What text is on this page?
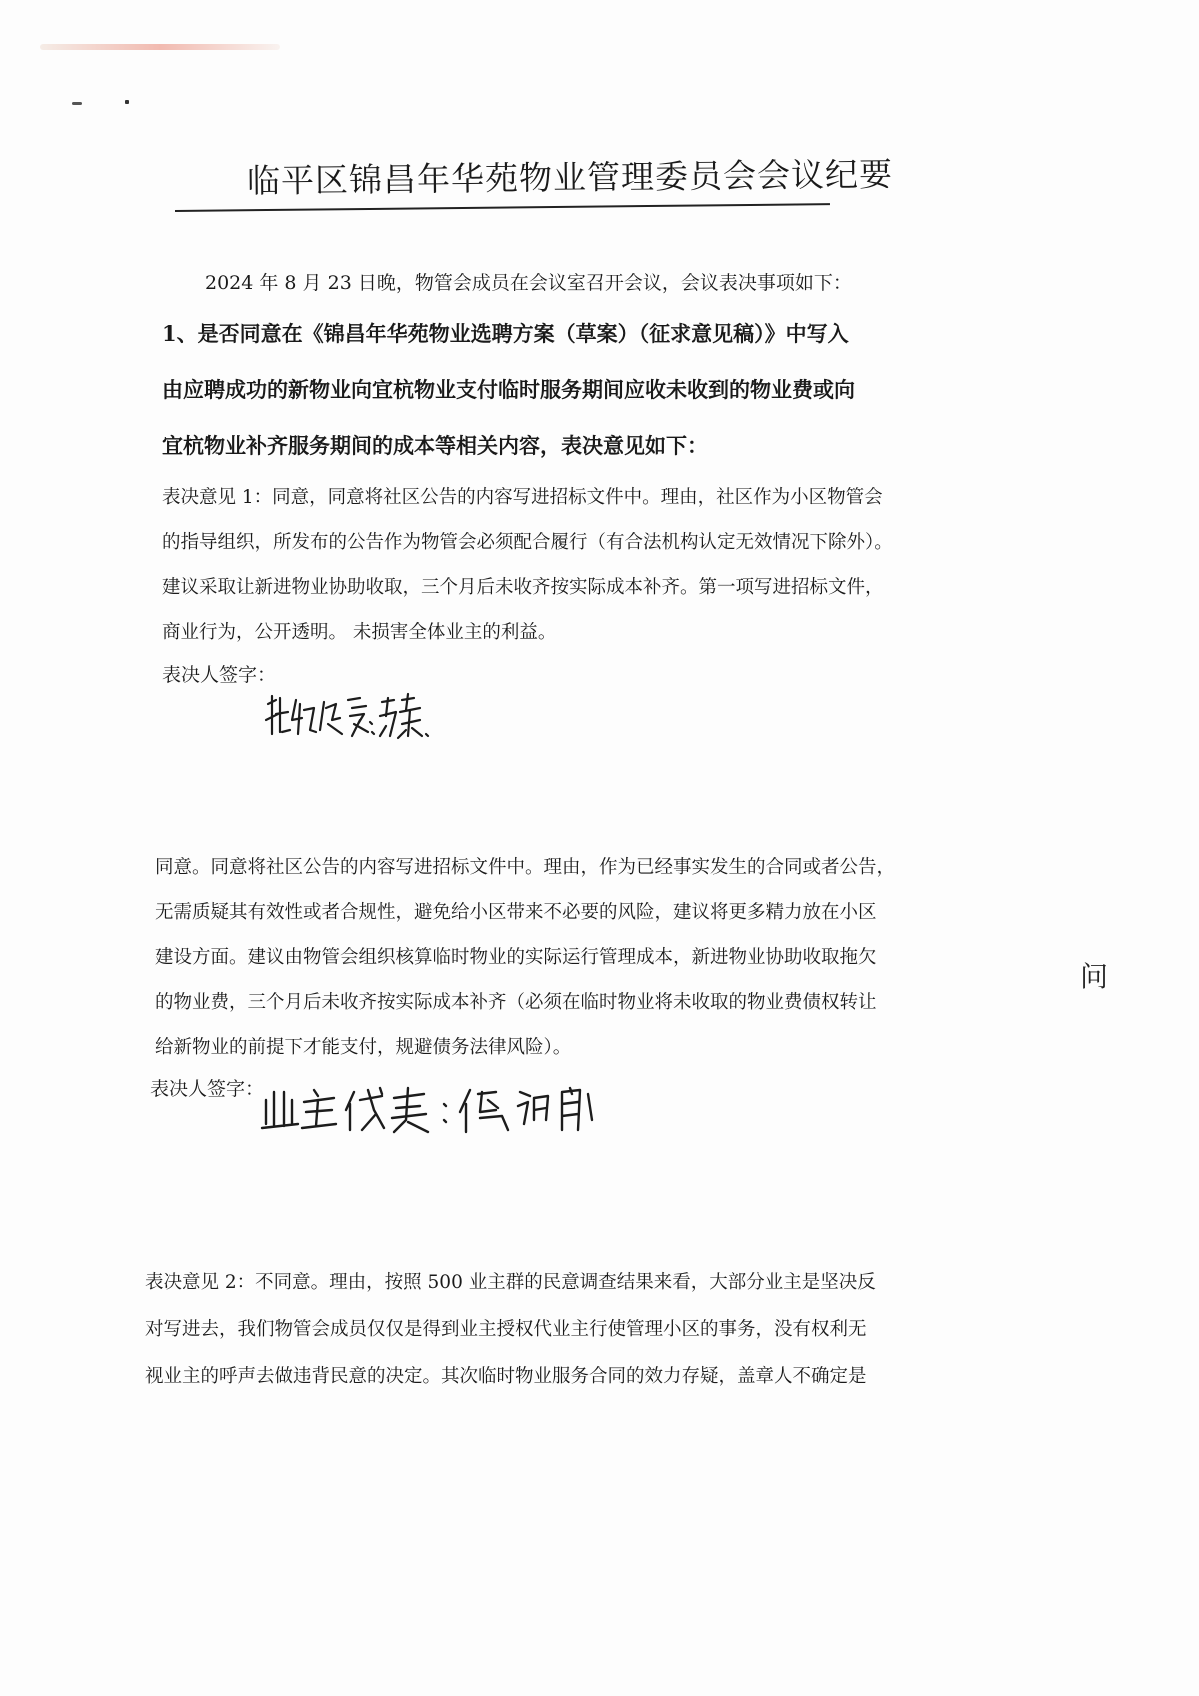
临平区锦昌年华苑物业管理委员会会议纪要
2024 年 8 月 23 日晚，物管会成员在会议室召开会议，会议表决事项如下：
1、是否同意在《锦昌年华苑物业选聘方案（草案）（征求意见稿）》中写入
由应聘成功的新物业向宜杭物业支付临时服务期间应收未收到的物业费或向
宜杭物业补齐服务期间的成本等相关内容，表决意见如下：
表决意见 1：同意，同意将社区公告的内容写进招标文件中。理由，社区作为小区物管会
的指导组织，所发布的公告作为物管会必须配合履行（有合法机构认定无效情况下除外）。
建议采取让新进物业协助收取，三个月后未收齐按实际成本补齐。第一项写进招标文件，
商业行为，公开透明。 未损害全体业主的利益。
表决人签字：
同意。同意将社区公告的内容写进招标文件中。理由，作为已经事实发生的合同或者公告，
无需质疑其有效性或者合规性，避免给小区带来不必要的风险，建议将更多精力放在小区
建设方面。建议由物管会组织核算临时物业的实际运行管理成本，新进物业协助收取拖欠
的物业费，三个月后未收齐按实际成本补齐（必须在临时物业将未收取的物业费债权转让
给新物业的前提下才能支付，规避债务法律风险）。
表决人签字：
表决意见 2：不同意。理由，按照 500 业主群的民意调查结果来看，大部分业主是坚决反
对写进去，我们物管会成员仅仅是得到业主授权代业主行使管理小区的事务，没有权利无
视业主的呼声去做违背民意的决定。其次临时物业服务合同的效力存疑，盖章人不确定是
问
